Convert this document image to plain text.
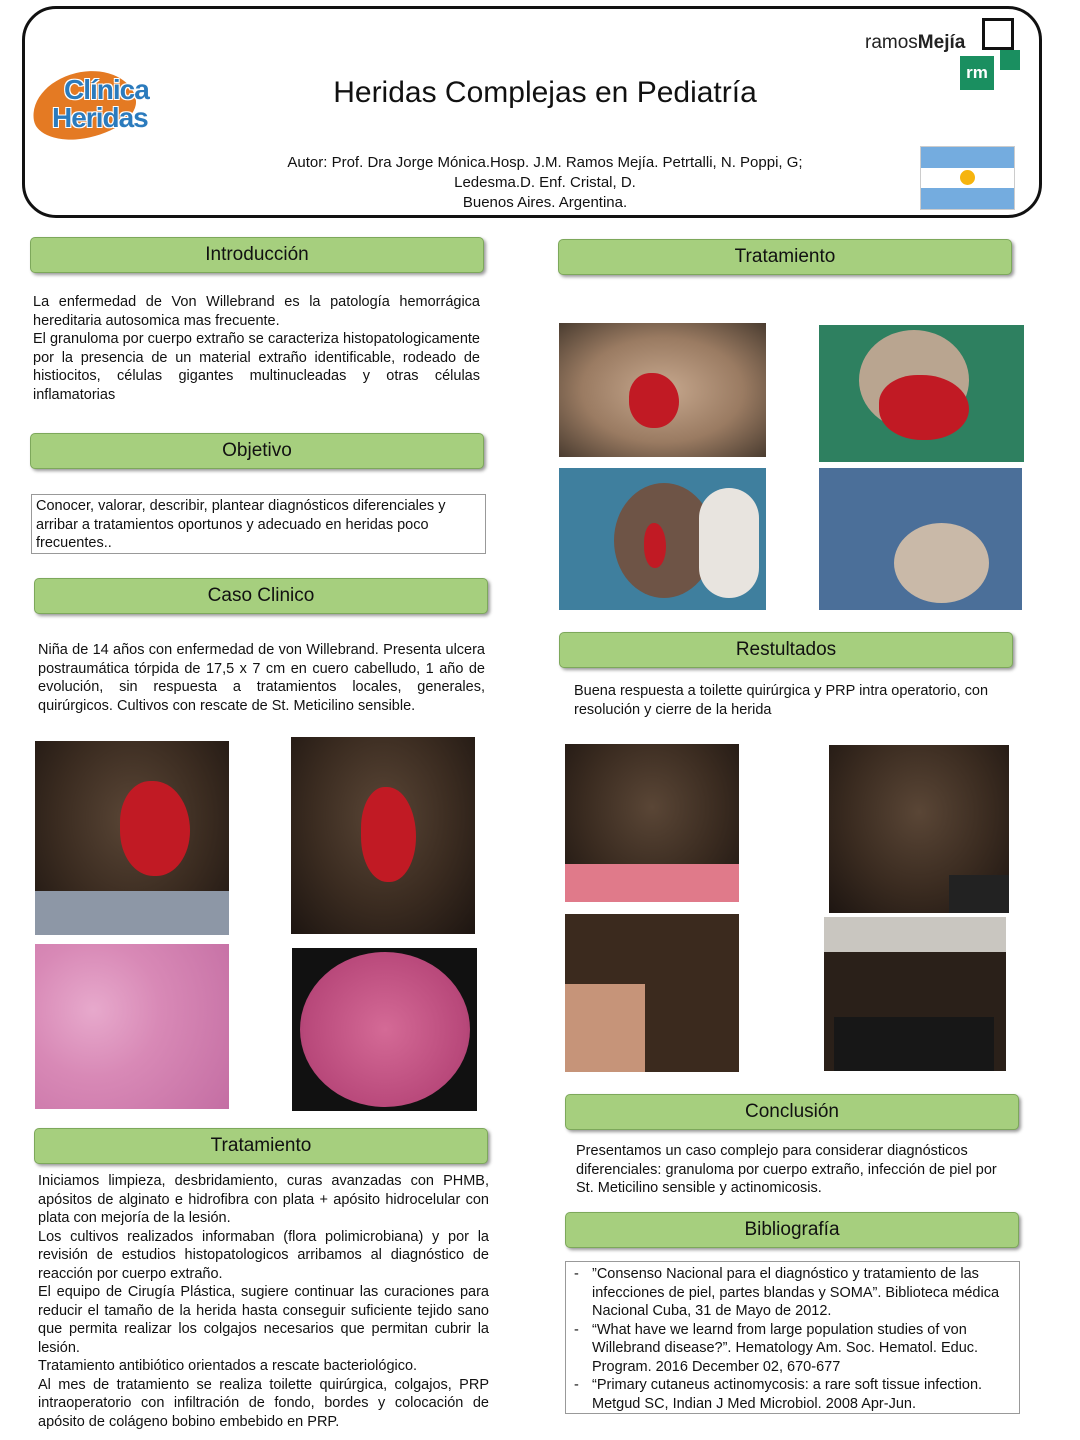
Clínica
Heridas
Heridas Complejas en Pediatría
Autor: Prof. Dra Jorge Mónica.Hosp. J.M. Ramos Mejía. Petrtalli, N. Poppi, G;
Ledesma.D. Enf. Cristal, D.
Buenos Aires. Argentina.
ramosMejía
rm
Introducción
La enfermedad de Von Willebrand es la patología hemorrágica hereditaria autosomica mas frecuente.
El granuloma por cuerpo extraño se caracteriza histopatologicamente por la presencia de un material extraño identificable, rodeado de histiocitos, células gigantes multinucleadas y otras células inflamatorias
Objetivo
Conocer, valorar, describir, plantear diagnósticos diferenciales y arribar a tratamientos oportunos y adecuado en heridas poco frecuentes..
Caso Clinico
Niña de 14 años con enfermedad de von Willebrand. Presenta ulcera postraumática tórpida de 17,5 x 7 cm en cuero cabelludo, 1 año de evolución, sin respuesta a tratamientos locales, generales, quirúrgicos. Cultivos con rescate de St. Meticilino sensible.
Tratamiento
Iniciamos limpieza, desbridamiento, curas avanzadas con PHMB, apósitos de alginato e hidrofibra con plata + apósito hidrocelular con plata con mejoría de la lesión.
Los cultivos realizados informaban (flora polimicrobiana) y por la revisión de estudios histopatologicos arribamos al diagnóstico de reacción por cuerpo extraño.
El equipo de Cirugía Plástica, sugiere continuar las curaciones para reducir el tamaño de la herida hasta conseguir suficiente tejido sano que permita realizar los colgajos necesarios que permitan cubrir la lesión.
Tratamiento antibiótico orientados a rescate bacteriológico.
Al mes de tratamiento se realiza toilette quirúrgica, colgajos, PRP intraoperatorio con infiltración de fondo, bordes y colocación de apósito de colágeno bobino embebido en PRP.
Tratamiento
Restultados
Buena respuesta a toilette quirúrgica y PRP intra operatorio, con resolución y cierre de la herida
Conclusión
Presentamos un caso complejo para considerar diagnósticos diferenciales: granuloma por cuerpo extraño, infección de piel por St. Meticilino sensible y actinomicosis.
Bibliografía
- ”Consenso Nacional para el diagnóstico y tratamiento de las infecciones de piel, partes blandas y SOMA”. Biblioteca médica Nacional Cuba, 31 de Mayo de 2012.
- “What have we learnd from large population studies of von Willebrand disease?”. Hematology Am. Soc. Hematol. Educ. Program. 2016 December 02, 670-677
- “Primary cutaneus actinomycosis: a rare soft tissue infection. Metgud SC, Indian J Med Microbiol. 2008 Apr-Jun.
